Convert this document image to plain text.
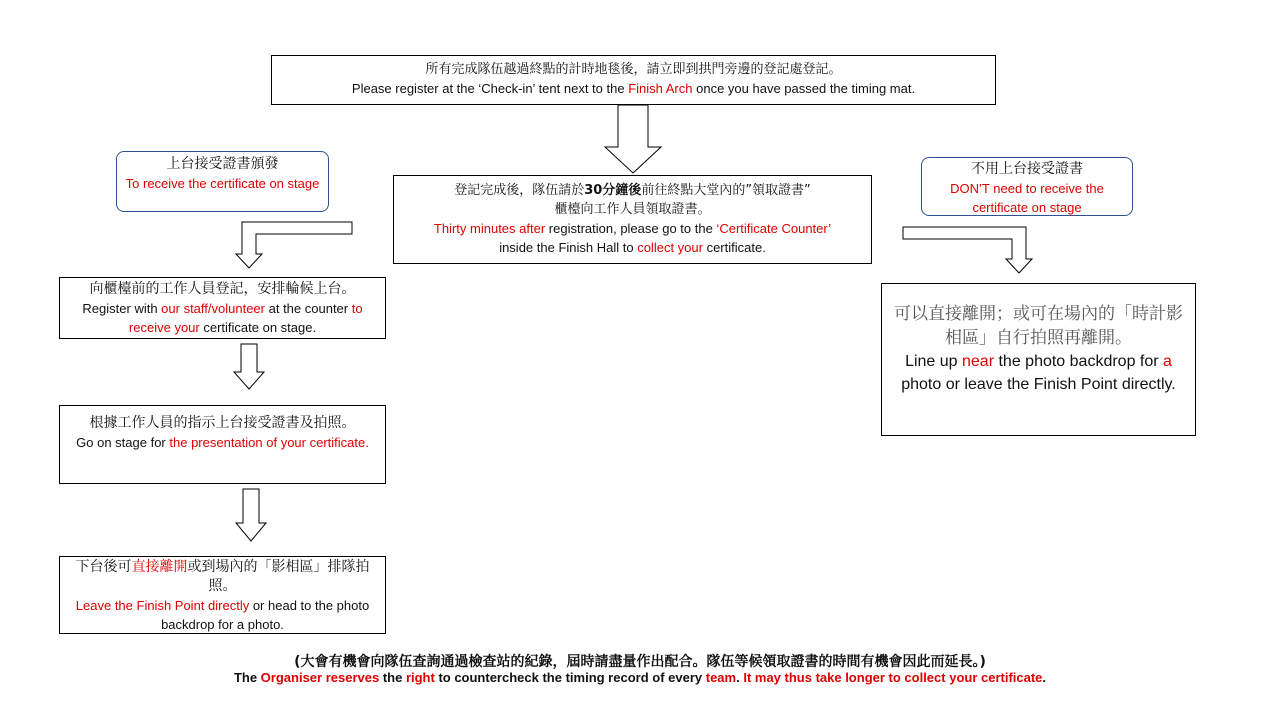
所有完成隊伍越過終點的計時地毯後，請立即到拱門旁邊的登記處登記。
Please register at the ‘Check-in’ tent next to the Finish Arch once you have passed the timing mat.
登記完成後，隊伍請於30分鐘後前往終點大堂內的”領取證書”
櫃檯向工作人員領取證書。
Thirty minutes after registration, please go to the ‘Certificate Counter’
inside the Finish Hall to collect your certificate.
上台接受證書頒發
To receive the certificate on stage
不用上台接受證書
DON’T need to receive the certificate on stage
向櫃檯前的工作人員登記，安排輪候上台。
Register with our staff/volunteer at the counter to receive your certificate on stage.
根據工作人員的指示上台接受證書及拍照。
Go on stage for the presentation of your certificate.
下台後可直接離開或到場內的「影相區」排隊拍照。
Leave the Finish Point directly or head to the photo backdrop for a photo.
可以直接離開；或可在場內的「時計影相區」自行拍照再離開。
Line up near the photo backdrop for a photo or leave the Finish Point directly.
(大會有機會向隊伍查詢通過檢查站的紀錄，屆時請盡量作出配合。隊伍等候領取證書的時間有機會因此而延長。)
The Organiser reserves the right to countercheck the timing record of every team. It may thus take longer to collect your certificate.
